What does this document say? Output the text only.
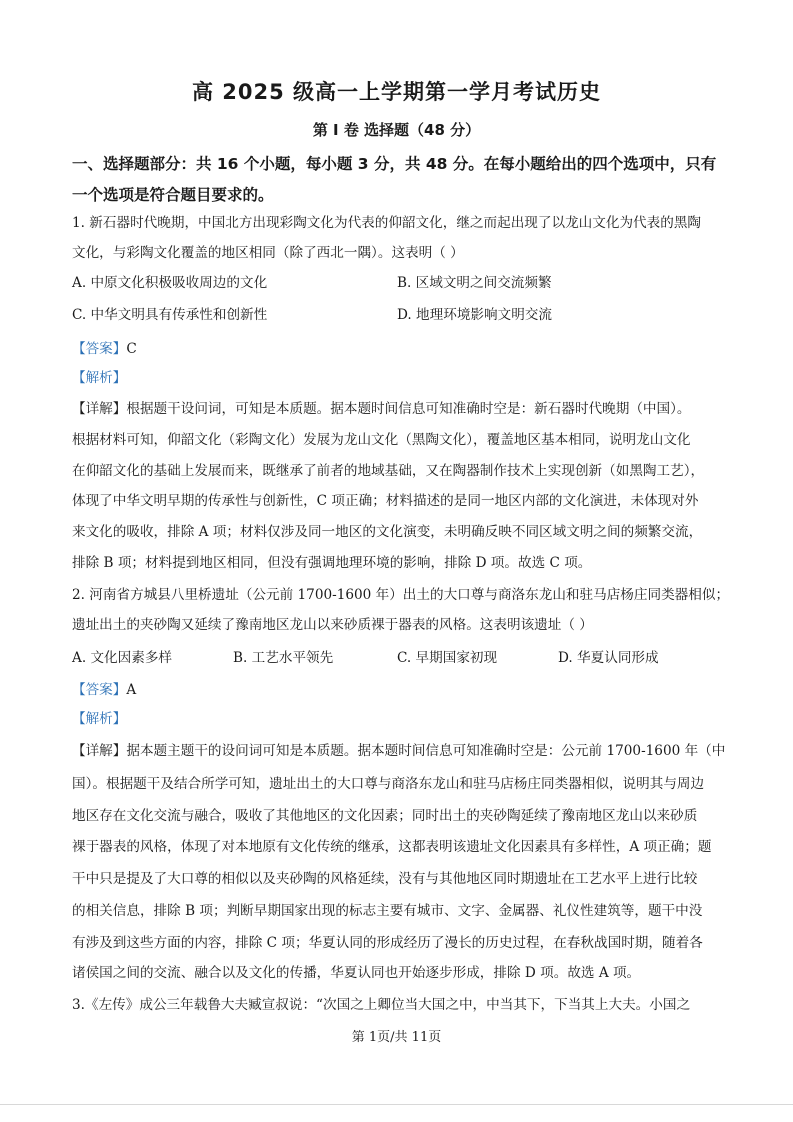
高 2025 级高一上学期第一学月考试历史
第 I 卷 选择题（48 分）
一、选择题部分：共 16 个小题，每小题 3 分，共 48 分。在每小题给出的四个选项中，只有
一个选项是符合题目要求的。
1. 新石器时代晚期，中国北方出现彩陶文化为代表的仰韶文化，继之而起出现了以龙山文化为代表的黑陶
文化，与彩陶文化覆盖的地区相同（除了西北一隅）。这表明（ ）
A. 中原文化积极吸收周边的文化	B. 区域文明之间交流频繁
C. 中华文明具有传承性和创新性	D. 地理环境影响文明交流
【答案】C
【解析】
【详解】根据题干设问词，可知是本质题。据本题时间信息可知准确时空是：新石器时代晚期（中国）。
根据材料可知，仰韶文化（彩陶文化）发展为龙山文化（黑陶文化），覆盖地区基本相同，说明龙山文化
在仰韶文化的基础上发展而来，既继承了前者的地域基础，又在陶器制作技术上实现创新（如黑陶工艺），
体现了中华文明早期的传承性与创新性，C 项正确；材料描述的是同一地区内部的文化演进，未体现对外
来文化的吸收，排除 A 项；材料仅涉及同一地区的文化演变，未明确反映不同区域文明之间的频繁交流，
排除 B 项；材料提到地区相同，但没有强调地理环境的影响，排除 D 项。故选 C 项。
2. 河南省方城县八里桥遗址（公元前 1700-1600 年）出土的大口尊与商洛东龙山和驻马店杨庄同类器相似；
遗址出土的夹砂陶又延续了豫南地区龙山以来砂质裸于器表的风格。这表明该遗址（ ）
A. 文化因素多样	B. 工艺水平领先	C. 早期国家初现	D. 华夏认同形成
【答案】A
【解析】
【详解】据本题主题干的设问词可知是本质题。据本题时间信息可知准确时空是：公元前 1700-1600 年（中
国）。根据题干及结合所学可知，遗址出土的大口尊与商洛东龙山和驻马店杨庄同类器相似，说明其与周边
地区存在文化交流与融合，吸收了其他地区的文化因素；同时出土的夹砂陶延续了豫南地区龙山以来砂质
裸于器表的风格，体现了对本地原有文化传统的继承，这都表明该遗址文化因素具有多样性，A 项正确；题
干中只是提及了大口尊的相似以及夹砂陶的风格延续，没有与其他地区同时期遗址在工艺水平上进行比较
的相关信息，排除 B 项；判断早期国家出现的标志主要有城市、文字、金属器、礼仪性建筑等，题干中没
有涉及到这些方面的内容，排除 C 项；华夏认同的形成经历了漫长的历史过程，在春秋战国时期，随着各
诸侯国之间的交流、融合以及文化的传播，华夏认同也开始逐步形成，排除 D 项。故选 A 项。
3.《左传》成公三年载鲁大夫臧宣叔说：“次国之上卿位当大国之中，中当其下，下当其上大夫。小国之
第 1页/共 11页
